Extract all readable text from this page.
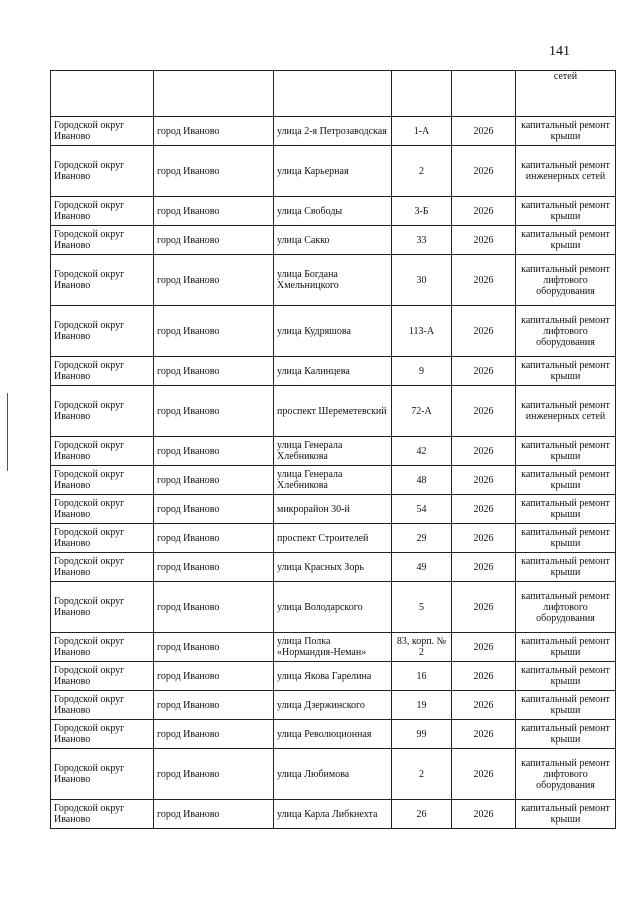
141
					сетей
Городской округ Иваново	город Иваново	улица 2-я Петрозаводская	1-А	2026	капитальный ремонт крыши
Городской округ Иваново	город Иваново	улица Карьерная	2	2026	капитальный ремонт инженерных сетей
Городской округ Иваново	город Иваново	улица Свободы	3-Б	2026	капитальный ремонт крыши
Городской округ Иваново	город Иваново	улица Сакко	33	2026	капитальный ремонт крыши
Городской округ Иваново	город Иваново	улица Богдана Хмельницкого	30	2026	капитальный ремонт лифтового оборудования
Городской округ Иваново	город Иваново	улица Кудряшова	113-А	2026	капитальный ремонт лифтового оборудования
Городской округ Иваново	город Иваново	улица Калинцева	9	2026	капитальный ремонт крыши
Городской округ Иваново	город Иваново	проспект Шереметевский	72-А	2026	капитальный ремонт инженерных сетей
Городской округ Иваново	город Иваново	улица Генерала Хлебникова	42	2026	капитальный ремонт крыши
Городской округ Иваново	город Иваново	улица Генерала Хлебникова	48	2026	капитальный ремонт крыши
Городской округ Иваново	город Иваново	микрорайон 30-й	54	2026	капитальный ремонт крыши
Городской округ Иваново	город Иваново	проспект Строителей	29	2026	капитальный ремонт крыши
Городской округ Иваново	город Иваново	улица Красных Зорь	49	2026	капитальный ремонт крыши
Городской округ Иваново	город Иваново	улица Володарского	5	2026	капитальный ремонт лифтового оборудования
Городской округ Иваново	город Иваново	улица Полка «Нормандия-Неман»	83, корп. № 2	2026	капитальный ремонт крыши
Городской округ Иваново	город Иваново	улица Якова Гарелина	16	2026	капитальный ремонт крыши
Городской округ Иваново	город Иваново	улица Дзержинского	19	2026	капитальный ремонт крыши
Городской округ Иваново	город Иваново	улица Революционная	99	2026	капитальный ремонт крыши
Городской округ Иваново	город Иваново	улица Любимова	2	2026	капитальный ремонт лифтового оборудования
Городской округ Иваново	город Иваново	улица Карла Либкнехта	26	2026	капитальный ремонт крыши
